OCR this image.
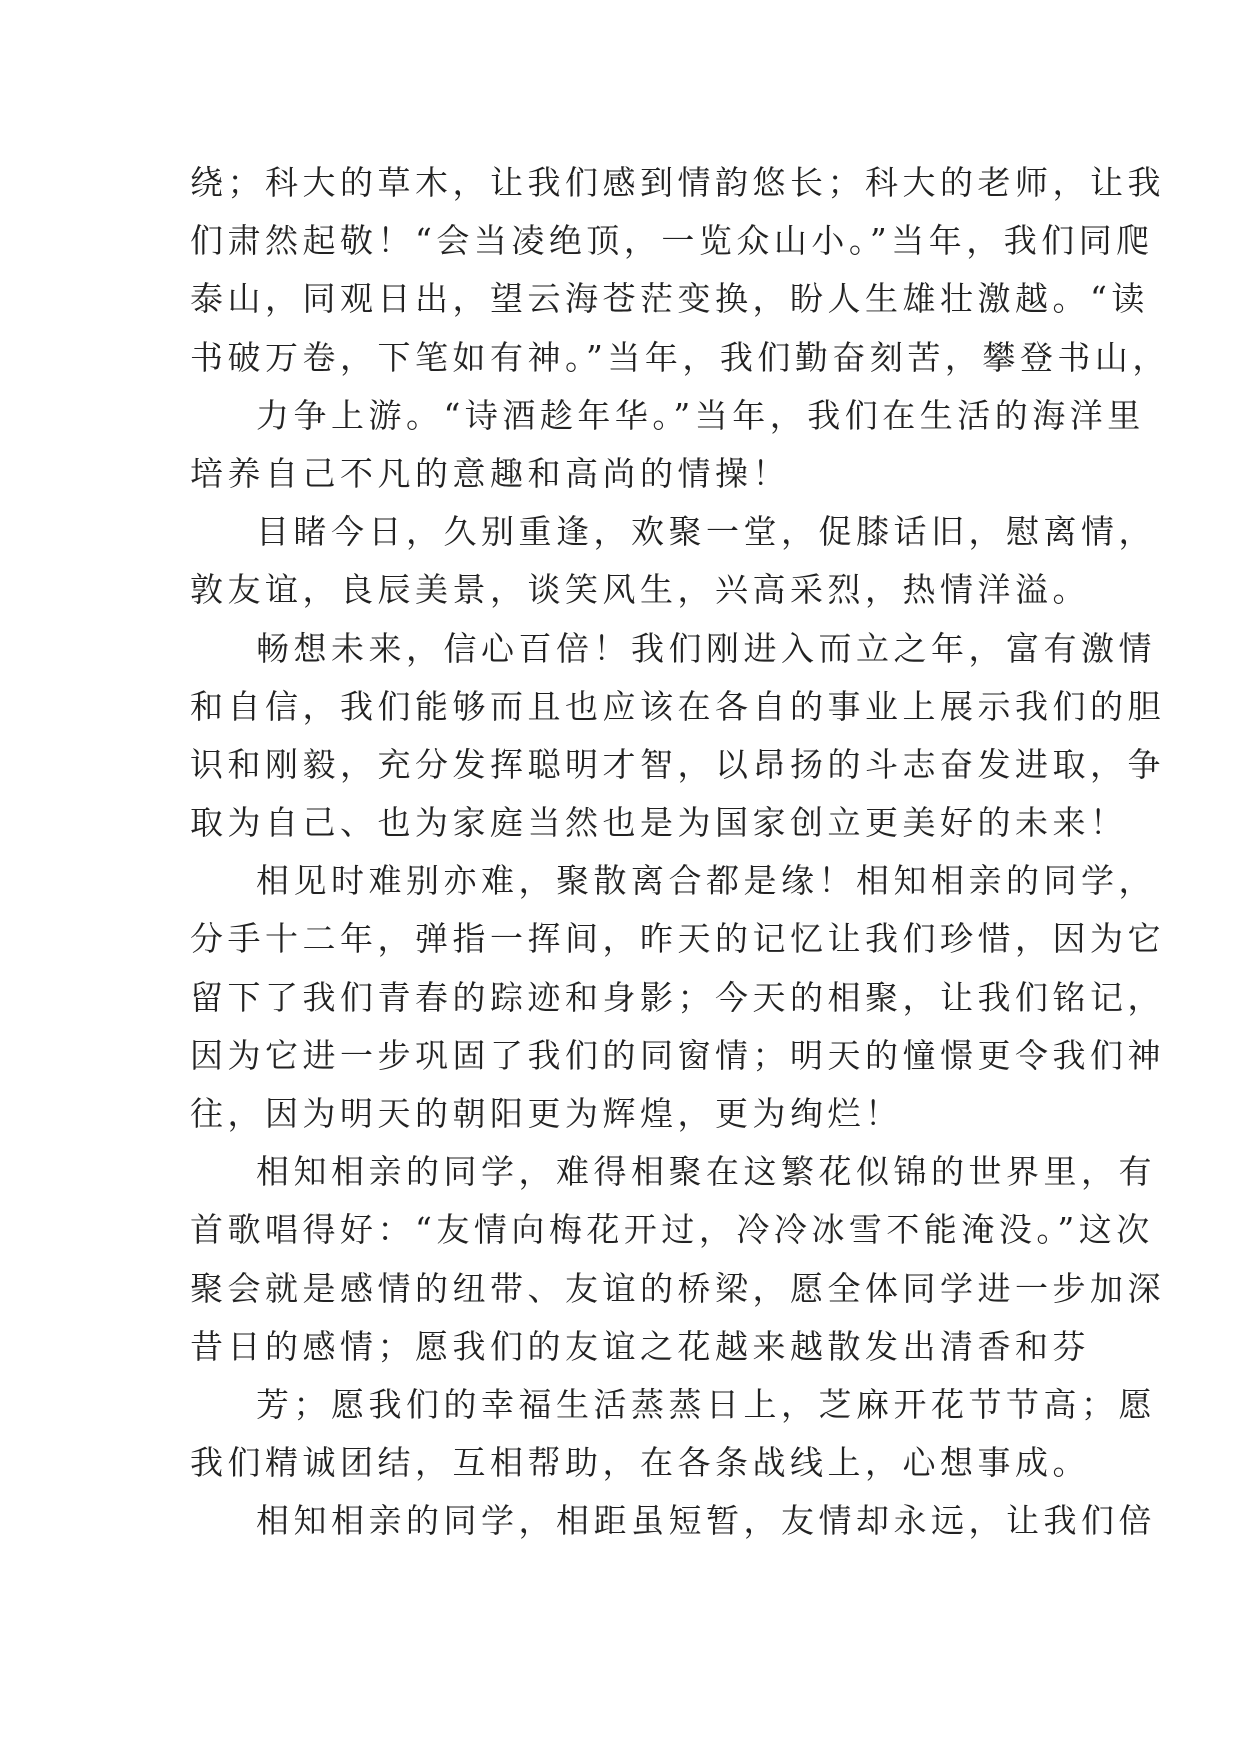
绕；科大的草木，让我们感到情韵悠长；科大的老师，让我
们肃然起敬！“会当凌绝顶，一览众山小。”当年，我们同爬
泰山，同观日出，望云海苍茫变换，盼人生雄壮激越。“读
书破万卷，下笔如有神。”当年，我们勤奋刻苦，攀登书山，
力争上游。“诗酒趁年华。”当年，我们在生活的海洋里
培养自己不凡的意趣和高尚的情操！
目睹今日，久别重逢，欢聚一堂，促膝话旧，慰离情，
敦友谊，良辰美景，谈笑风生，兴高采烈，热情洋溢。
畅想未来，信心百倍！我们刚进入而立之年，富有激情
和自信，我们能够而且也应该在各自的事业上展示我们的胆
识和刚毅，充分发挥聪明才智，以昂扬的斗志奋发进取，争
取为自己、也为家庭当然也是为国家创立更美好的未来！
相见时难别亦难，聚散离合都是缘！相知相亲的同学，
分手十二年，弹指一挥间，昨天的记忆让我们珍惜，因为它
留下了我们青春的踪迹和身影；今天的相聚，让我们铭记，
因为它进一步巩固了我们的同窗情；明天的憧憬更令我们神
往，因为明天的朝阳更为辉煌，更为绚烂！
相知相亲的同学，难得相聚在这繁花似锦的世界里，有
首歌唱得好：“友情向梅花开过，冷冷冰雪不能淹没。”这次
聚会就是感情的纽带、友谊的桥梁，愿全体同学进一步加深
昔日的感情；愿我们的友谊之花越来越散发出清香和芬
芳；愿我们的幸福生活蒸蒸日上，芝麻开花节节高；愿
我们精诚团结，互相帮助，在各条战线上，心想事成。
相知相亲的同学，相距虽短暂，友情却永远，让我们倍
